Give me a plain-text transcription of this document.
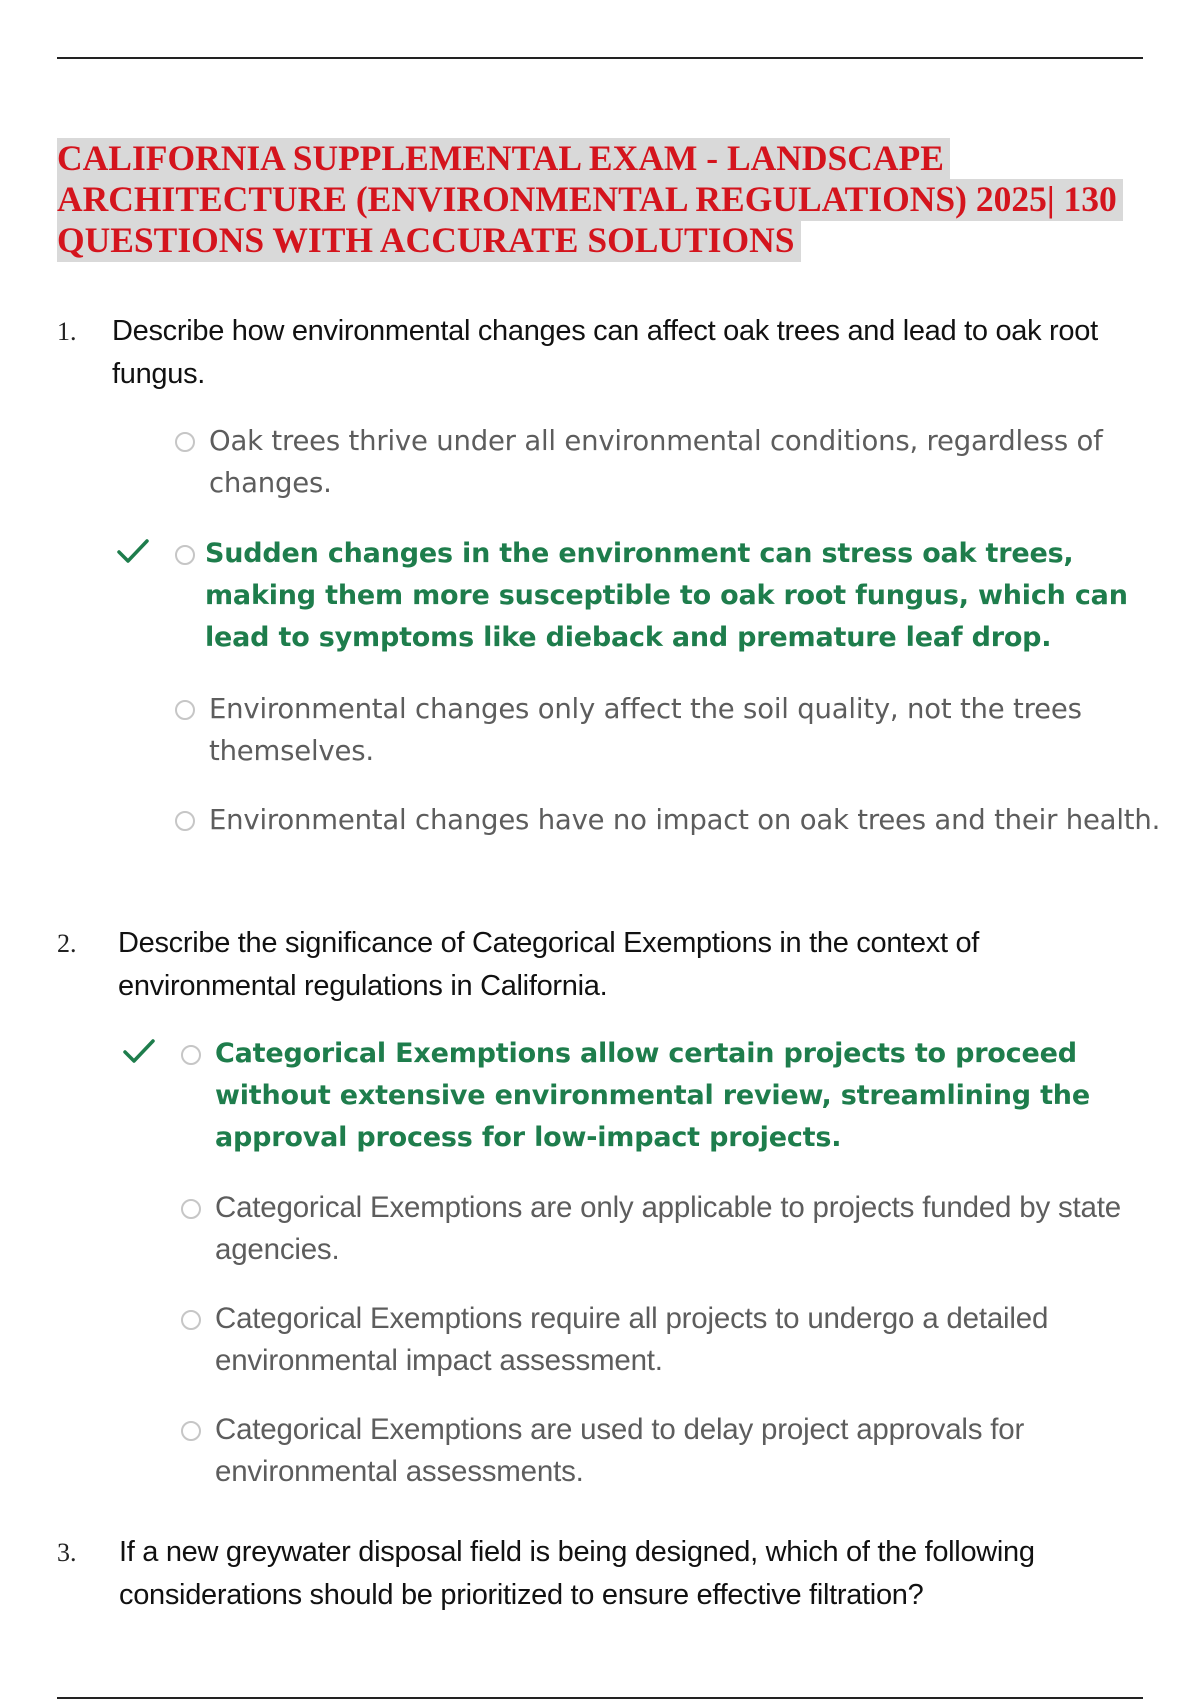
CALIFORNIA SUPPLEMENTAL EXAM - LANDSCAPE
ARCHITECTURE (ENVIRONMENTAL REGULATIONS) 2025| 130
QUESTIONS WITH ACCURATE SOLUTIONS
1.	Describe how environmental changes can affect oak trees and lead to oak root fungus.
Oak trees thrive under all environmental conditions, regardless of changes.
Sudden changes in the environment can stress oak trees, making them more susceptible to oak root fungus, which can lead to symptoms like dieback and premature leaf drop.
Environmental changes only affect the soil quality, not the trees themselves.
Environmental changes have no impact on oak trees and their health.
2.	Describe the significance of Categorical Exemptions in the context of environmental regulations in California.
Categorical Exemptions allow certain projects to proceed without extensive environmental review, streamlining the approval process for low-impact projects.
Categorical Exemptions are only applicable to projects funded by state agencies.
Categorical Exemptions require all projects to undergo a detailed environmental impact assessment.
Categorical Exemptions are used to delay project approvals for environmental assessments.
3.	If a new greywater disposal field is being designed, which of the following considerations should be prioritized to ensure effective filtration?
